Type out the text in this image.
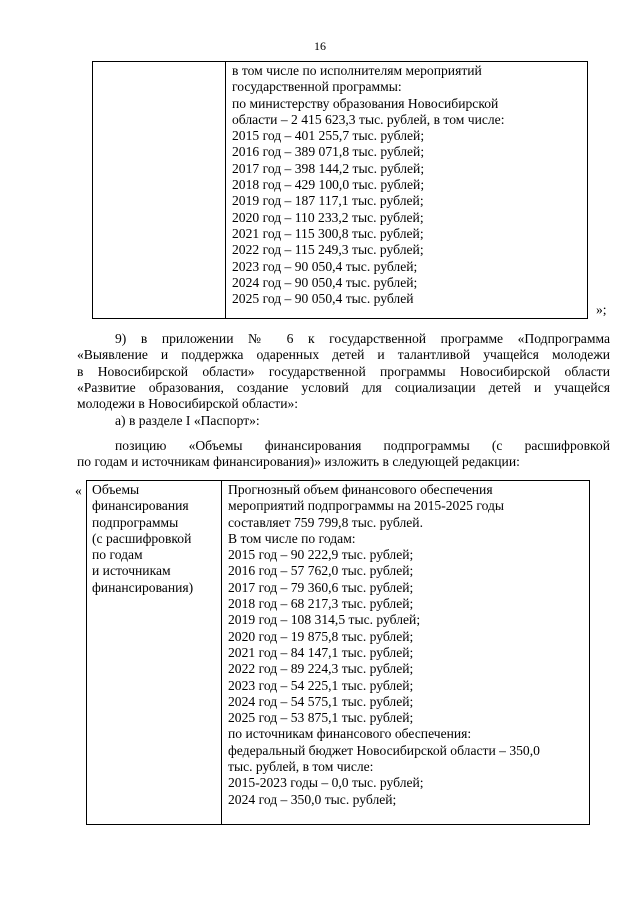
16
в том числе по исполнителям мероприятий
государственной программы:
по министерству образования Новосибирской
области – 2 415 623,3 тыс. рублей, в том числе:
2015 год – 401 255,7 тыс. рублей;
2016 год – 389 071,8 тыс. рублей;
2017 год – 398 144,2 тыс. рублей;
2018 год – 429 100,0 тыс. рублей;
2019 год – 187 117,1 тыс. рублей;
2020 год – 110 233,2 тыс. рублей;
2021 год – 115 300,8 тыс. рублей;
2022 год – 115 249,3 тыс. рублей;
2023 год – 90 050,4 тыс. рублей;
2024 год – 90 050,4 тыс. рублей;
2025 год – 90 050,4 тыс. рублей
»;
9) в приложении № 6 к государственной программе «Подпрограмма
«Выявление и поддержка одаренных детей и талантливой учащейся молодежи
в Новосибирской области» государственной программы Новосибирской области
«Развитие образования, создание условий для социализации детей и учащейся
молодежи в Новосибирской области»:
а) в разделе I «Паспорт»:
позицию «Объемы финансирования подпрограммы (с расшифровкой
по годам и источникам финансирования)» изложить в следующей редакции:
« Объемы
финансирования
подпрограммы
(с расшифровкой
по годам
и источникам
финансирования)
Прогнозный объем финансового обеспечения
мероприятий подпрограммы на 2015-2025 годы
составляет 759 799,8 тыс. рублей.
В том числе по годам:
2015 год – 90 222,9 тыс. рублей;
2016 год – 57 762,0 тыс. рублей;
2017 год – 79 360,6 тыс. рублей;
2018 год – 68 217,3 тыс. рублей;
2019 год – 108 314,5 тыс. рублей;
2020 год – 19 875,8 тыс. рублей;
2021 год – 84 147,1 тыс. рублей;
2022 год – 89 224,3 тыс. рублей;
2023 год – 54 225,1 тыс. рублей;
2024 год – 54 575,1 тыс. рублей;
2025 год – 53 875,1 тыс. рублей;
по источникам финансового обеспечения:
федеральный бюджет Новосибирской области – 350,0
тыс. рублей, в том числе:
2015-2023 годы – 0,0 тыс. рублей;
2024 год – 350,0 тыс. рублей;
